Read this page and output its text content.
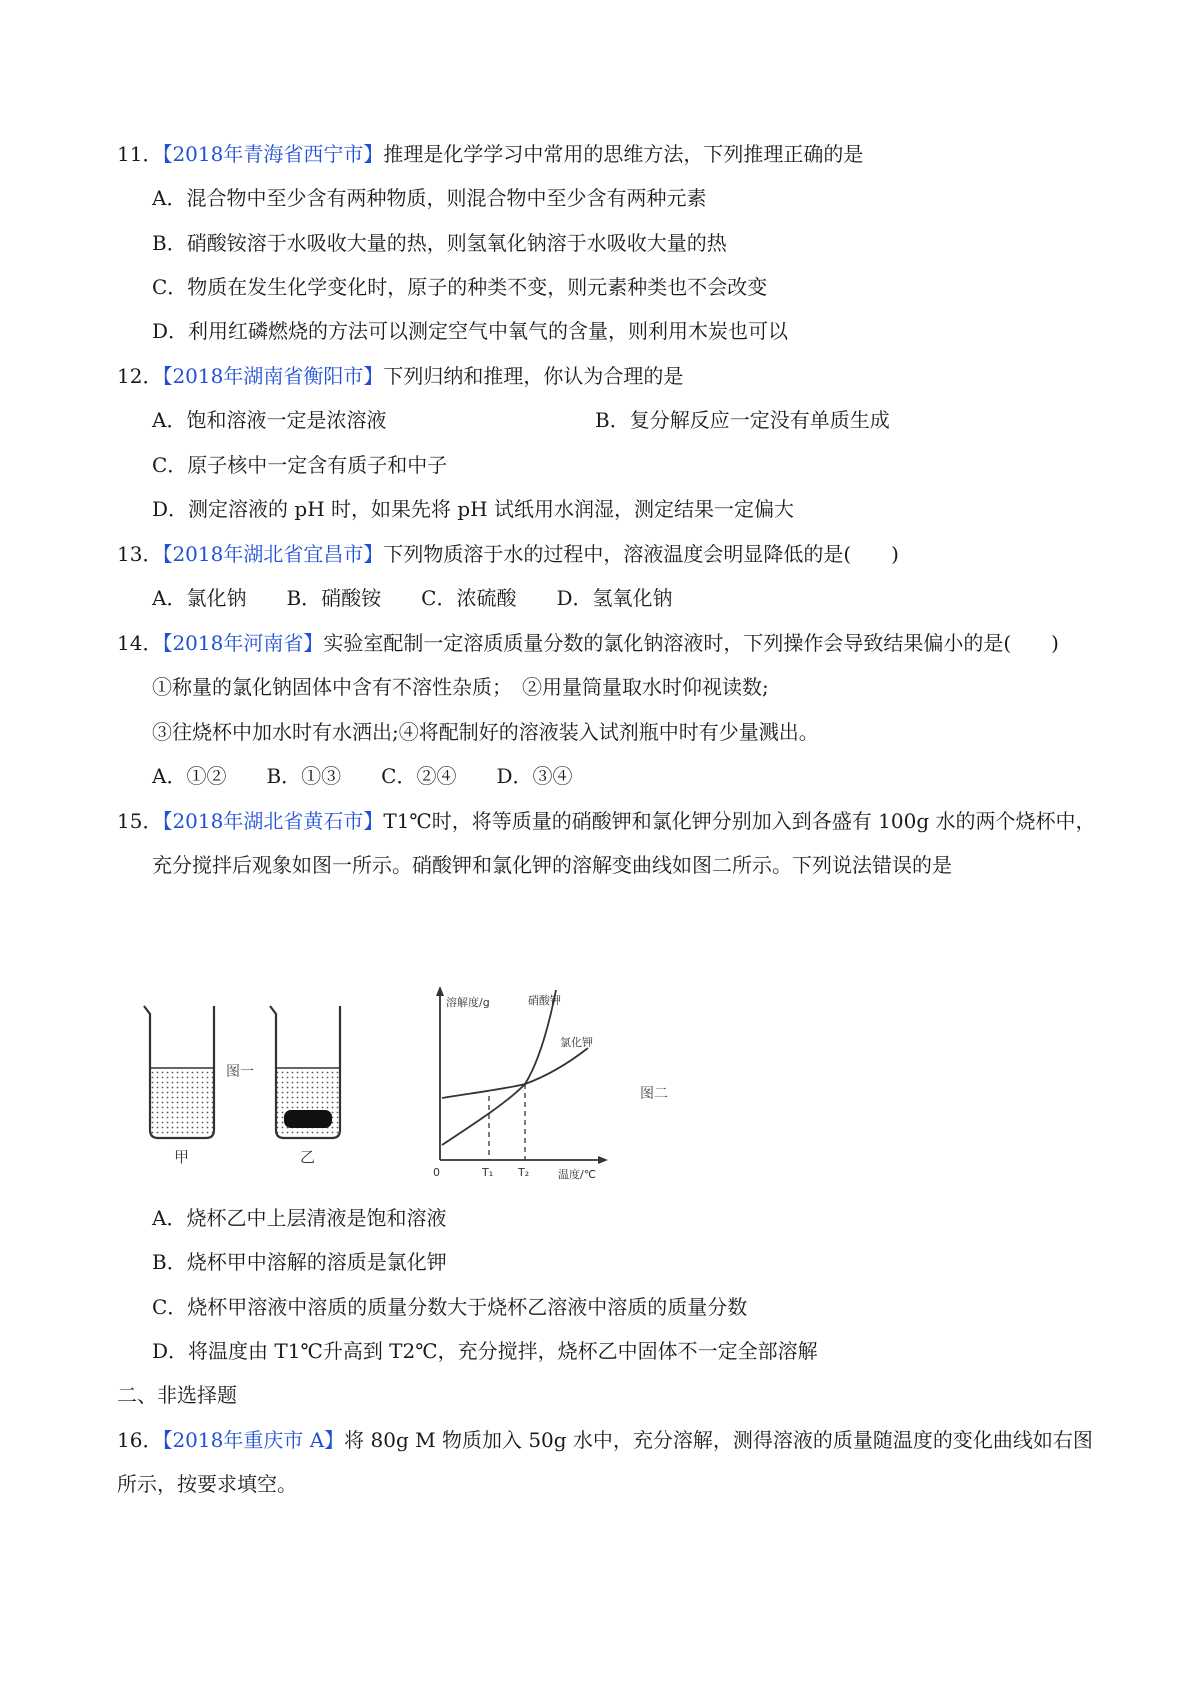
11．【2018年青海省西宁市】推理是化学学习中常用的思维方法，下列推理正确的是
A．混合物中至少含有两种物质，则混合物中至少含有两种元素
B．硝酸铵溶于水吸收大量的热，则氢氧化钠溶于水吸收大量的热
C．物质在发生化学变化时，原子的种类不变，则元素种类也不会改变
D．利用红磷燃烧的方法可以测定空气中氧气的含量，则利用木炭也可以
12．【2018年湖南省衡阳市】下列归纳和推理，你认为合理的是
A．饱和溶液一定是浓溶液	B．复分解反应一定没有单质生成
C．原子核中一定含有质子和中子
D．测定溶液的 pH 时，如果先将 pH 试纸用水润湿，测定结果一定偏大
13．【2018年湖北省宜昌市】下列物质溶于水的过程中，溶液温度会明显降低的是(　　)
A．氯化钠　　B．硝酸铵　　C．浓硫酸　　D．氢氧化钠
14．【2018年河南省】实验室配制一定溶质质量分数的氯化钠溶液时，下列操作会导致结果偏小的是(　　)
①称量的氯化钠固体中含有不溶性杂质；　②用量筒量取水时仰视读数;
③往烧杯中加水时有水洒出;④将配制好的溶液装入试剂瓶中时有少量溅出。
A．①②　　B．①③　　C．②④　　D．③④
15．【2018年湖北省黄石市】T1℃时，将等质量的硝酸钾和氯化钾分别加入到各盛有 100g 水的两个烧杯中，
充分搅拌后观象如图一所示。硝酸钾和氯化钾的溶解变曲线如图二所示。下列说法错误的是
甲
图一
乙
溶解度/g	硝酸钾
氯化钾
0	T₁ T₂	温度/℃
图二
A．烧杯乙中上层清液是饱和溶液
B．烧杯甲中溶解的溶质是氯化钾
C．烧杯甲溶液中溶质的质量分数大于烧杯乙溶液中溶质的质量分数
D．将温度由 T1℃升高到 T2℃，充分搅拌，烧杯乙中固体不一定全部溶解
二、非选择题
16．【2018年重庆市 A】将 80g M 物质加入 50g 水中，充分溶解，测得溶液的质量随温度的变化曲线如右图
所示，按要求填空。
